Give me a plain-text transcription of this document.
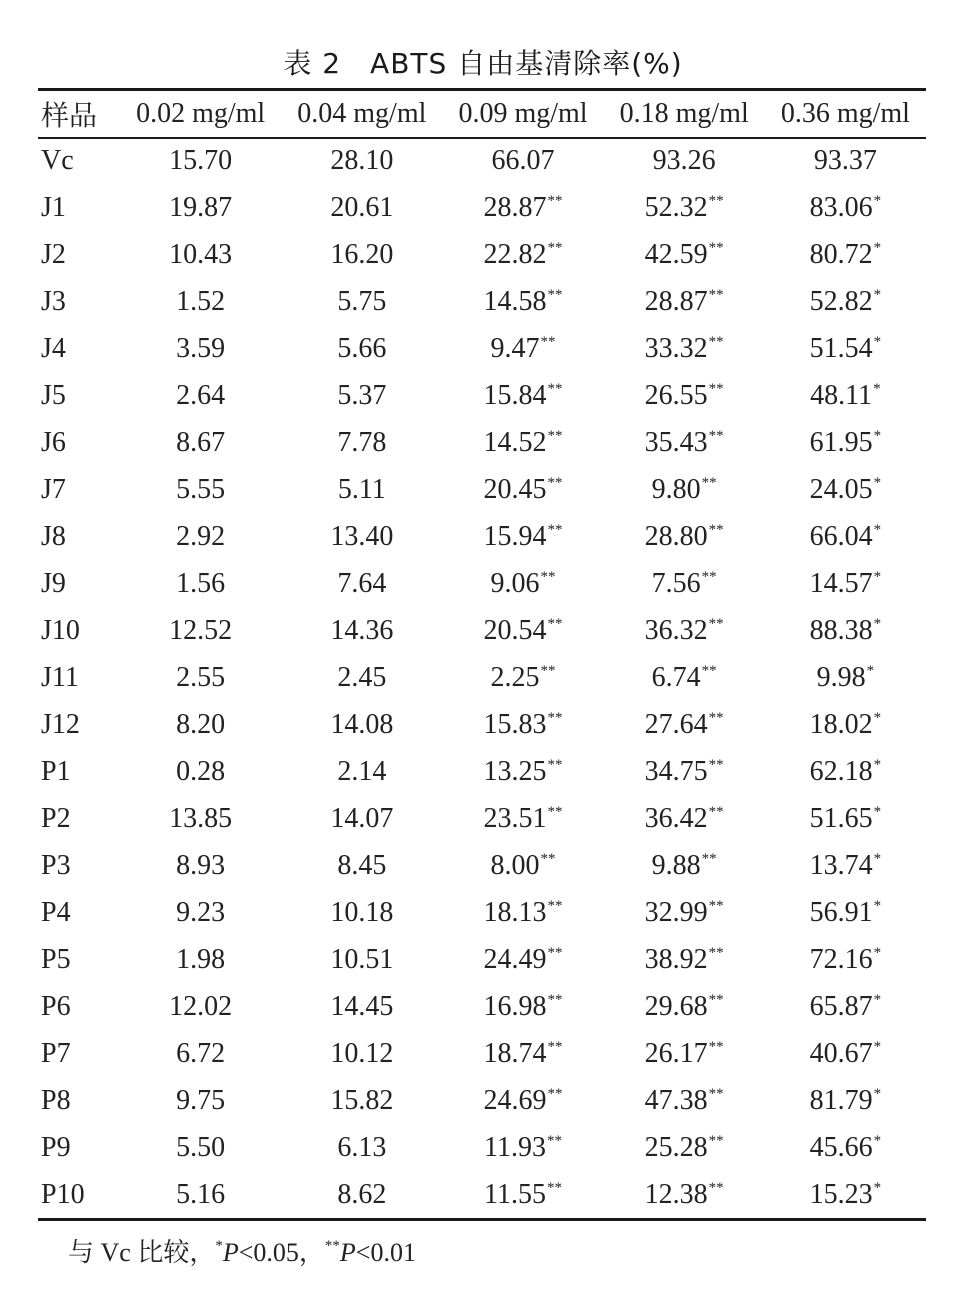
表 2　ABTS 自由基清除率(%)
样品	0.02 mg/ml	0.04 mg/ml	0.09 mg/ml	0.18 mg/ml	0.36 mg/ml
Vc	15.70	28.10	66.07	93.26	93.37
J1	19.87	20.61	28.87**	52.32**	83.06*
J2	10.43	16.20	22.82**	42.59**	80.72*
J3	1.52	5.75	14.58**	28.87**	52.82*
J4	3.59	5.66	9.47**	33.32**	51.54*
J5	2.64	5.37	15.84**	26.55**	48.11*
J6	8.67	7.78	14.52**	35.43**	61.95*
J7	5.55	5.11	20.45**	9.80**	24.05*
J8	2.92	13.40	15.94**	28.80**	66.04*
J9	1.56	7.64	9.06**	7.56**	14.57*
J10	12.52	14.36	20.54**	36.32**	88.38*
J11	2.55	2.45	2.25**	6.74**	9.98*
J12	8.20	14.08	15.83**	27.64**	18.02*
P1	0.28	2.14	13.25**	34.75**	62.18*
P2	13.85	14.07	23.51**	36.42**	51.65*
P3	8.93	8.45	8.00**	9.88**	13.74*
P4	9.23	10.18	18.13**	32.99**	56.91*
P5	1.98	10.51	24.49**	38.92**	72.16*
P6	12.02	14.45	16.98**	29.68**	65.87*
P7	6.72	10.12	18.74**	26.17**	40.67*
P8	9.75	15.82	24.69**	47.38**	81.79*
P9	5.50	6.13	11.93**	25.28**	45.66*
P10	5.16	8.62	11.55**	12.38**	15.23*
与 Vc 比较，*P<0.05，**P<0.01
